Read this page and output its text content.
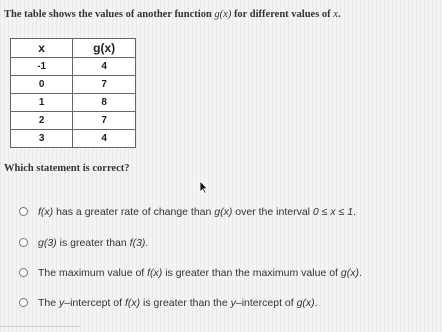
The table shows the values of another function g(x) for different values of x.
x	g(x)
-1	4
0	7
1	8
2	7
3	4
Which statement is correct?
f(x) has a greater rate of change than g(x) over the interval 0 ≤ x ≤ 1.
g(3) is greater than f(3).
The maximum value of f(x) is greater than the maximum value of g(x).
The y–intercept of f(x) is greater than the y–intercept of g(x).
